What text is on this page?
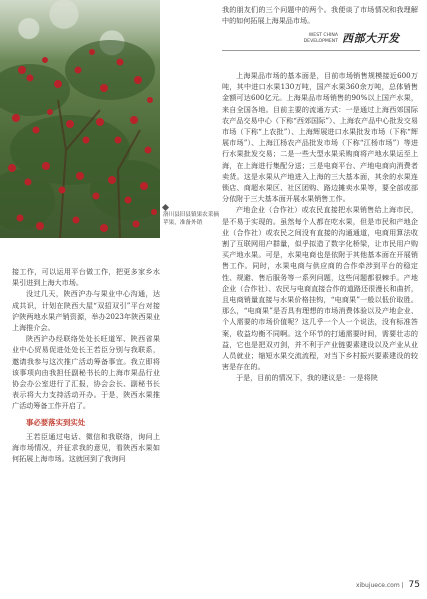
洛川县旧县镇果农采摘苹果，准备外销

接工作，可以运用平台做工作，把更多家乡水果引进到上海大市场。

没过几天，陕西沪办与果业中心沟通，达成共识，计划在陕西大屋“双招双引”平台对接沪陕两地水果产销资源，举办2023年陕西果业上海推介会。

陕西沪办经联络处处长旺道军、陕西省果业中心贸易促进处处长王若臣分别与我联系，邀请我参与这次推广活动筹备事宜。我立即将该事项向由我担任副秘书长的上海市果品行业协会办公室进行了汇报，协会会长、副秘书长表示将大力支持活动开办。于是，陕西水果推广活动筹备工作开启了。

事必要落实到实处

王若臣通过电话、微信和我联络，询问上海市场情况，并征求我的意见，看陕西水果如何拓展上海市场。这就回到了我询问

WEST CHINA
DEVELOPMENT 西部大开发

我的朋友们的三个问题中的两个。我便谈了市场情况和我理解中的如何拓展上海果品市场。

上海果品市场的基本面是，目前市场销售规模接近600万吨，其中进口水果130万吨，国产水果360余万吨，总体销售金额可达600亿元。上海果品市场销售的90%以上国产水果，来自全国各地。目前主要的流通方式：一是通过上海西郊国际农产品交易中心（下称“西郊国际”）、上海农产品中心批发交易市场（下称“上农批”）、上海辉展进口水果批发市场（下称“辉展市场”）、上海江杨农产品批发市场（下称“江杨市场”）等进行水果批发交易；二是一些大型水果采购商将产地水果运至上海，在上海进行集配分送；三是电商平台、产地电商向消费者卖货。这是水果从产地进入上海的三大基本面，其余的水果连锁店、商超水果区、社区团购、路边摊卖水果等，要全部或部分依附于三大基本面开展水果销售工作。

产地企业（合作社）或农民直接把水果销售给上海市民，是不易于实现的。虽然每个人都在吃水果，但是市民和产地企业（合作社）或农民之间没有直接的沟通通道，电商用算法收割了互联网用户群量，似乎拟造了数字化桥梁，让市民用户购买产地水果。可是，水果电商也是依附于其他基本面在开展销售工作。同时，水果电商与供应商的合作牵涉到平台的稳定性、规避、售后服务等一系列问题，这些问题都很棘手。产地企业（合作社）、农民与电商直接合作的道路还很漫长和曲折，且电商销量直接与水果价格挂钩，“电商果”一般以低价取胜。那么，“电商果”是否具有理想的市场消费体验以及产地企业、个人需要的市场价值呢？这几乎一个人一个说法，没有标准答案，收益均衡不同啊。这个环节的打通需要时间，需要壮志的益，它也是把双刃剑，并不利于产业链要素建设以及产业从业人员就业；缩短水果交流流程，对当下乡村振兴要素建设的较害是存在的。

于是，目前的情况下，我的建议是：一是将陕

xibujuece.com | 75
